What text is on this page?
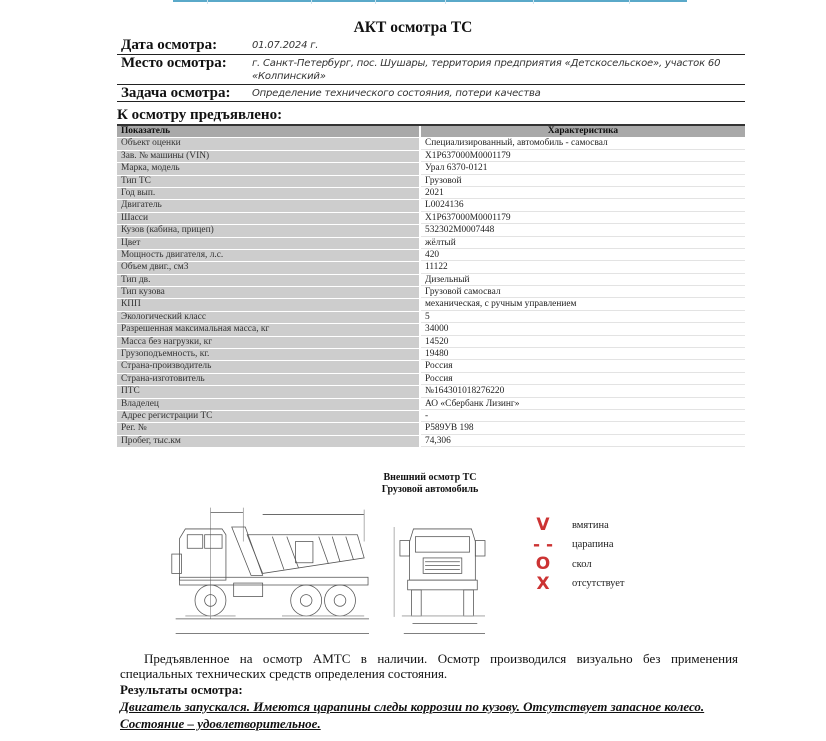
АКТ осмотра ТС
Дата осмотра:	01.07.2024 г.
Место осмотра:	г. Санкт-Петербург, пос. Шушары, территория предприятия «Детскосельское», участок 60 «Колпинский»
Задача осмотра:	Определение технического состояния, потери качества
К осмотру предъявлено:
Показатель	Характеристика
Объект оценки	Специализированный, автомобиль - самосвал
Зав. № машины (VIN)	X1P637000M0001179
Марка, модель	Урал 6370-0121
Тип ТС	Грузовой
Год вып.	2021
Двигатель	L0024136
Шасси	X1P637000M0001179
Кузов (кабина, прицеп)	532302M0007448
Цвет	жёлтый
Мощность двигателя, л.с.	420
Объем двиг., см3	11122
Тип дв.	Дизельный
Тип кузова	Грузовой самосвал
КПП	механическая, с ручным управлением
Экологический класс	5
Разрешенная максимальная масса, кг	34000
Масса без нагрузки, кг	14520
Грузоподъемность, кг.	19480
Страна-производитель	Россия
Страна-изготовитель	Россия
ПТС	№164301018276220
Владелец	АО «Сбербанк Лизинг»
Адрес регистрации ТС	-
Рег. №	Р589УВ 198
Пробег, тыс.км	74,306
Внешний осмотр ТС
Грузовой автомобиль
V	вмятина
- - царапина
O	скол
X	отсутствует
Предъявленное на осмотр АМТС в наличии. Осмотр производился визуально без применения специальных технических средств определения состояния.
Результаты осмотра:
Двигатель запускался. Имеются царапины следы коррозии по кузову. Отсутствует запасное колесо. Состояние – удовлетворительное.
